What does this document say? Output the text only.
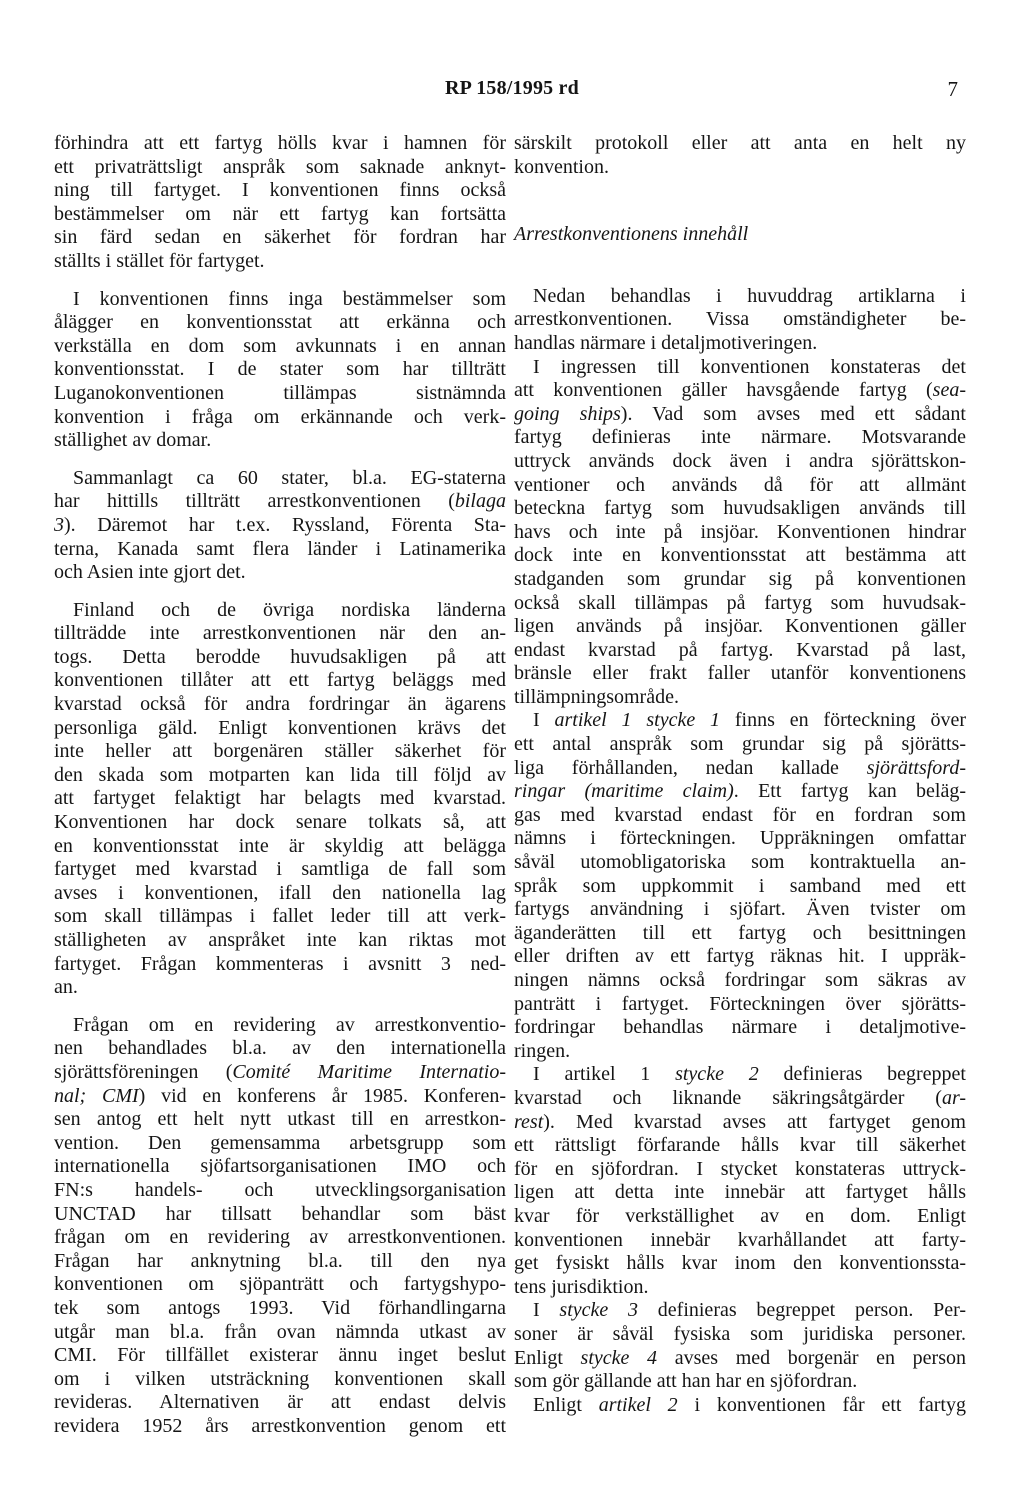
RP 158/1995 rd	7
förhindra att ett fartyg hölls kvar i hamnen för
ett privaträttsligt anspråk som saknade anknyt-
ning till fartyget. I konventionen finns också
bestämmelser om när ett fartyg kan fortsätta
sin färd sedan en säkerhet för fordran har
ställts i stället för fartyget.
I konventionen finns inga bestämmelser som
ålägger en konventionsstat att erkänna och
verkställa en dom som avkunnats i en annan
konventionsstat. I de stater som har tillträtt
Luganokonventionen tillämpas sistnämnda
konvention i fråga om erkännande och verk-
ställighet av domar.
Sammanlagt ca 60 stater, bl.a. EG-staterna
har hittills tillträtt arrestkonventionen (bilaga
3). Däremot har t.ex. Ryssland, Förenta Sta-
terna, Kanada samt flera länder i Latinamerika
och Asien inte gjort det.
Finland och de övriga nordiska länderna
tillträdde inte arrestkonventionen när den an-
togs. Detta berodde huvudsakligen på att
konventionen tillåter att ett fartyg beläggs med
kvarstad också för andra fordringar än ägarens
personliga gäld. Enligt konventionen krävs det
inte heller att borgenären ställer säkerhet för
den skada som motparten kan lida till följd av
att fartyget felaktigt har belagts med kvarstad.
Konventionen har dock senare tolkats så, att
en konventionsstat inte är skyldig att belägga
fartyget med kvarstad i samtliga de fall som
avses i konventionen, ifall den nationella lag
som skall tillämpas i fallet leder till att verk-
ställigheten av anspråket inte kan riktas mot
fartyget. Frågan kommenteras i avsnitt 3 ned-
an.
Frågan om en revidering av arrestkonventio-
nen behandlades bl.a. av den internationella
sjörättsföreningen (Comité Maritime Internatio-
nal; CMI) vid en konferens år 1985. Konferen-
sen antog ett helt nytt utkast till en arrestkon-
vention. Den gemensamma arbetsgrupp som
internationella sjöfartsorganisationen IMO och
FN:s handels- och utvecklingsorganisation
UNCTAD har tillsatt behandlar som bäst
frågan om en revidering av arrestkonventionen.
Frågan har anknytning bl.a. till den nya
konventionen om sjöpanträtt och fartygshypo-
tek som antogs 1993. Vid förhandlingarna
utgår man bl.a. från ovan nämnda utkast av
CMI. För tillfället existerar ännu inget beslut
om i vilken utsträckning konventionen skall
revideras. Alternativen är att endast delvis
revidera 1952 års arrestkonvention genom ett
särskilt protokoll eller att anta en helt ny
konvention.
Arrestkonventionens innehåll
Nedan behandlas i huvuddrag artiklarna i
arrestkonventionen. Vissa omständigheter be-
handlas närmare i detaljmotiveringen.
I ingressen till konventionen konstateras det
att konventionen gäller havsgående fartyg (sea-
going ships). Vad som avses med ett sådant
fartyg definieras inte närmare. Motsvarande
uttryck används dock även i andra sjörättskon-
ventioner och används då för att allmänt
beteckna fartyg som huvudsakligen används till
havs och inte på insjöar. Konventionen hindrar
dock inte en konventionsstat att bestämma att
stadganden som grundar sig på konventionen
också skall tillämpas på fartyg som huvudsak-
ligen används på insjöar. Konventionen gäller
endast kvarstad på fartyg. Kvarstad på last,
bränsle eller frakt faller utanför konventionens
tillämpningsområde.
I artikel 1 stycke 1 finns en förteckning över
ett antal anspråk som grundar sig på sjörätts-
liga förhållanden, nedan kallade sjörättsford-
ringar (maritime claim). Ett fartyg kan beläg-
gas med kvarstad endast för en fordran som
nämns i förteckningen. Uppräkningen omfattar
såväl utomobligatoriska som kontraktuella an-
språk som uppkommit i samband med ett
fartygs användning i sjöfart. Även tvister om
äganderätten till ett fartyg och besittningen
eller driften av ett fartyg räknas hit. I uppräk-
ningen nämns också fordringar som säkras av
panträtt i fartyget. Förteckningen över sjörätts-
fordringar behandlas närmare i detaljmotive-
ringen.
I artikel 1 stycke 2 definieras begreppet
kvarstad och liknande säkringsåtgärder (ar-
rest). Med kvarstad avses att fartyget genom
ett rättsligt förfarande hålls kvar till säkerhet
för en sjöfordran. I stycket konstateras uttryck-
ligen att detta inte innebär att fartyget hålls
kvar för verkställighet av en dom. Enligt
konventionen innebär kvarhållandet att farty-
get fysiskt hålls kvar inom den konventionssta-
tens jurisdiktion.
I stycke 3 definieras begreppet person. Per-
soner är såväl fysiska som juridiska personer.
Enligt stycke 4 avses med borgenär en person
som gör gällande att han har en sjöfordran.
Enligt artikel 2 i konventionen får ett fartyg
